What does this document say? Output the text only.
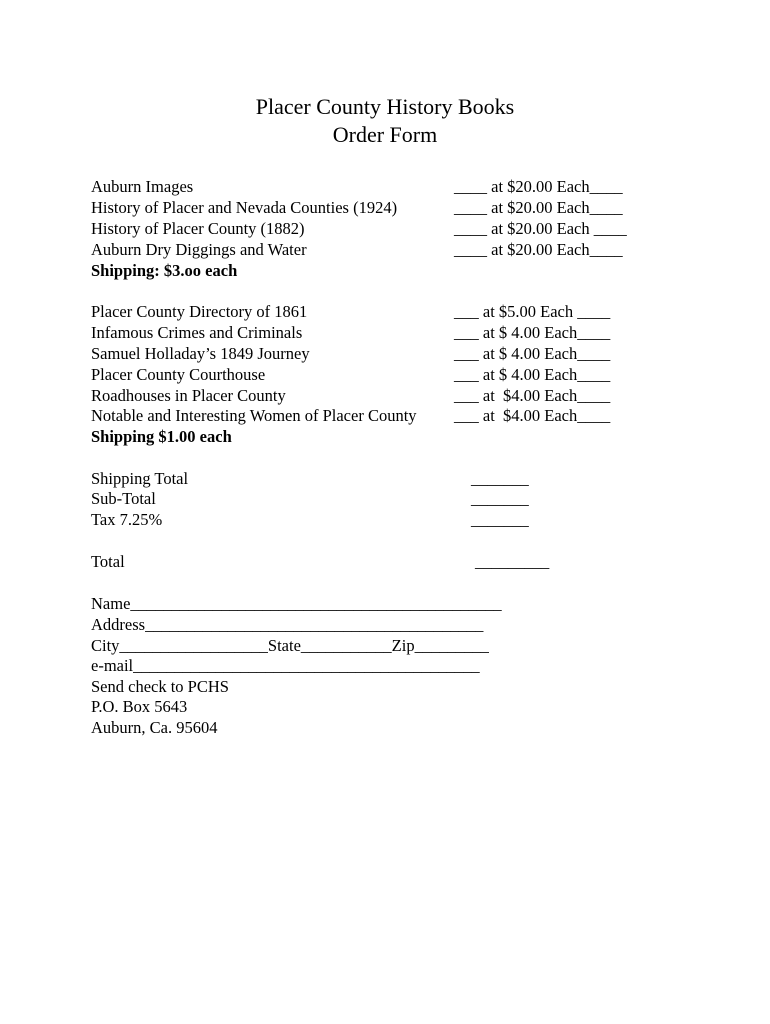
Placer County History Books
Order Form
Auburn Images	____ at $20.00 Each____
History of Placer and Nevada Counties (1924)	____ at $20.00 Each____
History of Placer County (1882)	____ at $20.00 Each ____
Auburn Dry Diggings and Water	____ at $20.00 Each____
Shipping: $3.oo each
Placer County Directory of 1861	___ at $5.00 Each ____
Infamous Crimes and Criminals	___ at $ 4.00 Each____
Samuel Holladay’s 1849 Journey	___ at $ 4.00 Each____
Placer County Courthouse	___ at $ 4.00 Each____
Roadhouses in Placer County	___ at  $4.00 Each____
Notable and Interesting Women of Placer County ___ at  $4.00 Each____
Shipping $1.00 each
Shipping Total	_______
Sub-Total	_______
Tax 7.25%	_______
Total	_________
Name_____________________________________________
Address_________________________________________
City__________________State___________Zip_________
e-mail__________________________________________
Send check to PCHS
P.O. Box 5643
Auburn, Ca. 95604
